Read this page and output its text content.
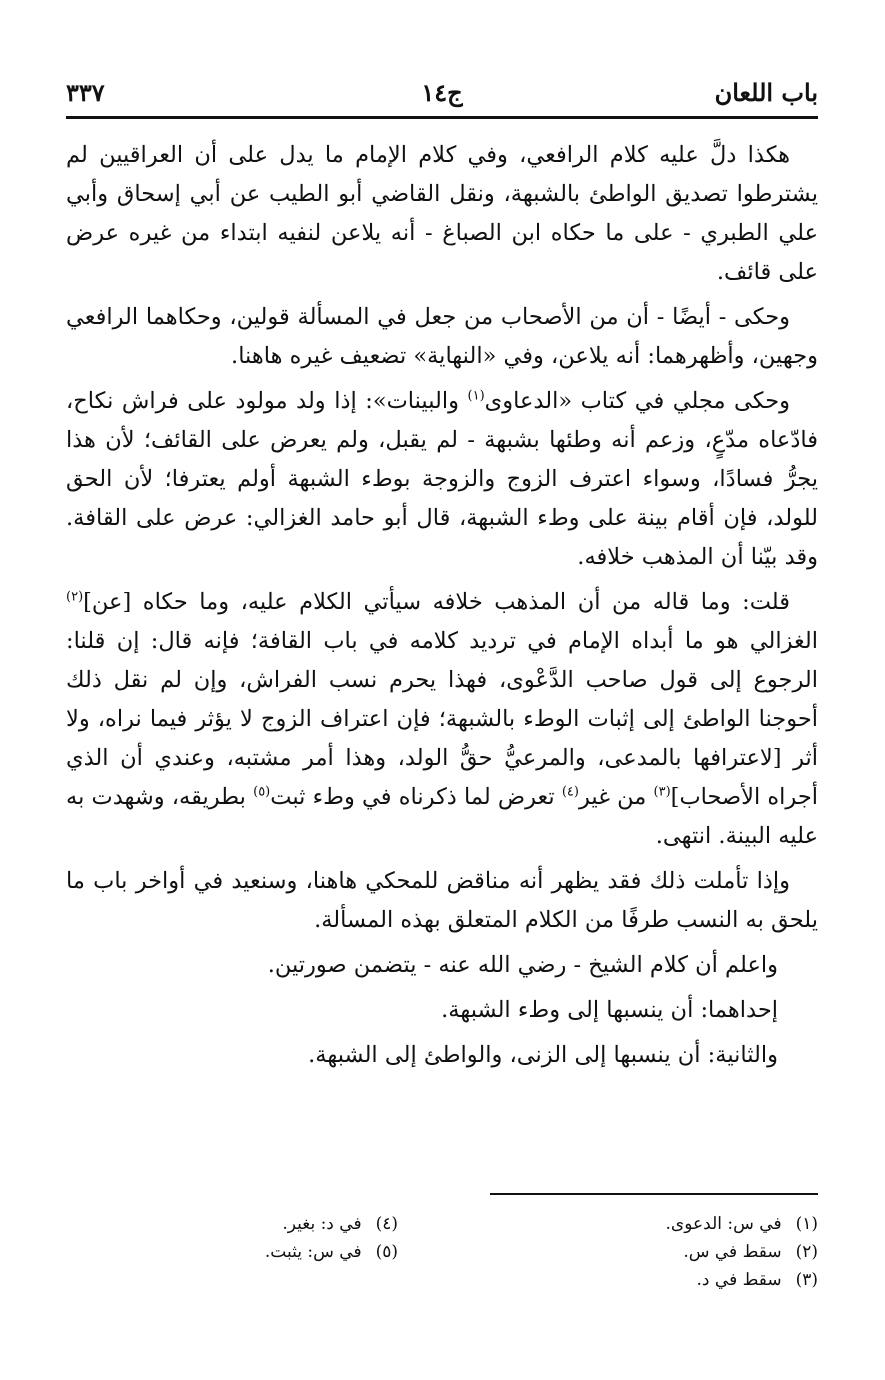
باب اللعان
ج١٤
٣٣٧

هكذا دلَّ عليه كلام الرافعي، وفي كلام الإمام ما يدل على أن العراقيين لم يشترطوا تصديق الواطئ بالشبهة، ونقل القاضي أبو الطيب عن أبي إسحاق وأبي علي الطبري - على ما حكاه ابن الصباغ - أنه يلاعن لنفيه ابتداء من غيره عرض على قائف.

وحكى - أيضًا - أن من الأصحاب من جعل في المسألة قولين، وحكاهما الرافعي وجهين، وأظهرهما: أنه يلاعن، وفي «النهاية» تضعيف غيره هاهنا.

وحكى مجلي في كتاب «الدعاوى$^{(١)}$ والبينات»: إذا ولد مولود على فراش نكاح، فادّعاه مدّعٍ، وزعم أنه وطئها بشبهة - لم يقبل، ولم يعرض على القائف؛ لأن هذا يجرُّ فسادًا، وسواء اعترف الزوج والزوجة بوطء الشبهة أولم يعترفا؛ لأن الحق للولد، فإن أقام بينة على وطء الشبهة، قال أبو حامد الغزالي: عرض على القافة. وقد بيّنا أن المذهب خلافه.

قلت: وما قاله من أن المذهب خلافه سيأتي الكلام عليه، وما حكاه [عن]$^{(٢)}$ الغزالي هو ما أبداه الإمام في ترديد كلامه في باب القافة؛ فإنه قال: إن قلنا: الرجوع إلى قول صاحب الدَّعْوى، فهذا يحرم نسب الفراش، وإن لم نقل ذلك أحوجنا الواطئ إلى إثبات الوطء بالشبهة؛ فإن اعتراف الزوج لا يؤثر فيما نراه، ولا أثر [لاعترافها بالمدعى، والمرعيُّ حقُّ الولد، وهذا أمر مشتبه، وعندي أن الذي أجراه الأصحاب]$^{(٣)}$ من غير$^{(٤)}$ تعرض لما ذكرناه في وطء ثبت$^{(٥)}$ بطريقه، وشهدت به عليه البينة. انتهى.

وإذا تأملت ذلك فقد يظهر أنه مناقض للمحكي هاهنا، وسنعيد في أواخر باب ما يلحق به النسب طرفًا من الكلام المتعلق بهذه المسألة.

واعلم أن كلام الشيخ - رضي الله عنه - يتضمن صورتين.

إحداهما: أن ينسبها إلى وطء الشبهة.

والثانية: أن ينسبها إلى الزنى، والواطئ إلى الشبهة.

(١)في س: الدعوى.
(٢)سقط في س.
(٣)سقط في د.
(٤)في د: بغير.
(٥)في س: يثبت.
